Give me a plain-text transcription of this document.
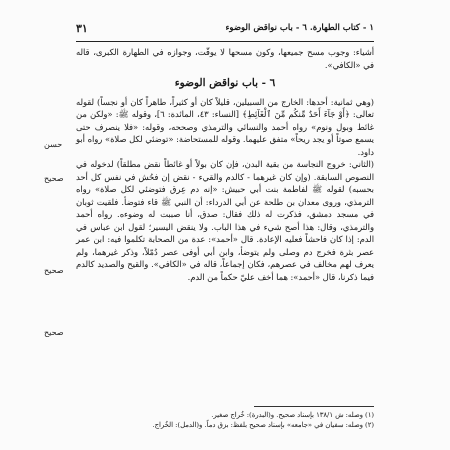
٣١	١ - كتاب الطهارة. ٦ - باب نواقض الوضوء

أشياء: وجوب مسح جميعها، وكون مسحها لا يوقّت، وجوازه في الطهارة الكبرى، قاله في «الكافي».

٦ - باب نواقض الوضوء

(وهي ثمانية: أحدها: الخارج من السبيلين، قليلاً كان أو كثيراً، طاهراً كان أو نجساً) لقوله تعالى: ﴿أَوْ جَآءَ أَحَدٌ مِّنكُم مِّنَ ٱلْغَآئِطِ﴾ [النساء: ٤٣، المائدة: ٦]، وقوله ﷺ: «ولكن من غائط وبول ونوم» رواه أحمد والنسائي والترمذي وصححه، وقوله: «فلا ينصرف حتى يسمع صوتاً أو يجد ريحاً» متفق عليهما. وقوله للمستحاضة: «توضئي لكل صلاة» رواه أبو داود.

(الثاني: خروج النجاسة من بقية البدن، فإن كان بولاً أو غائطاً نقض مطلقاً) لدخوله في النصوص السابقة. (وإن كان غيرهما - كالدم والقيء - نقض إن فحُش في نفس كل أحد بحسبه) لقوله ﷺ لفاطمة بنت أبي حبيش: «إنه دم عِرق فتوضئي لكل صلاة» رواه الترمذي، وروى معدان بن طلحة عن أبي الدرداء: أن النبي ﷺ قاء فتوضأ. فلقيت ثوبان في مسجد دمشق، فذكرت له ذلك فقال: صدق، أنا صببت له وضوءه. رواه أحمد والترمذي، وقال: هذا أصح شيء في هذا الباب. ولا ينقض اليسير؛ لقول ابن عباس في الدم: إذا كان فاحشاً فعليه الإعادة. قال «أحمد»: عدة من الصحابة تكلموا فيه: ابن عمر عصر بثرة فخرج دم وصلى ولم يتوضأ، وابن أبي أوفى عصر دُمّلاً، وذكر غيرهما، ولم يعرف لهم مخالف في عصرهم، فكان إجماعاً، قاله في «الكافي». والقيح والصديد كالدم فيما ذكرنا، قال «أحمد»: هما أخف عليّ حكماً من الدم.

حسن
صحيح
صحيح
صحيح
(١) وصله: ش ١٣٨/١ بإسناد صحيح. و(البدرة): خُراج صغير.
(٢) وصله: سفيان في «جامعه» بإسناد صحيح بلفظ: بزق دماً. و(الدمل): الخُراج.
